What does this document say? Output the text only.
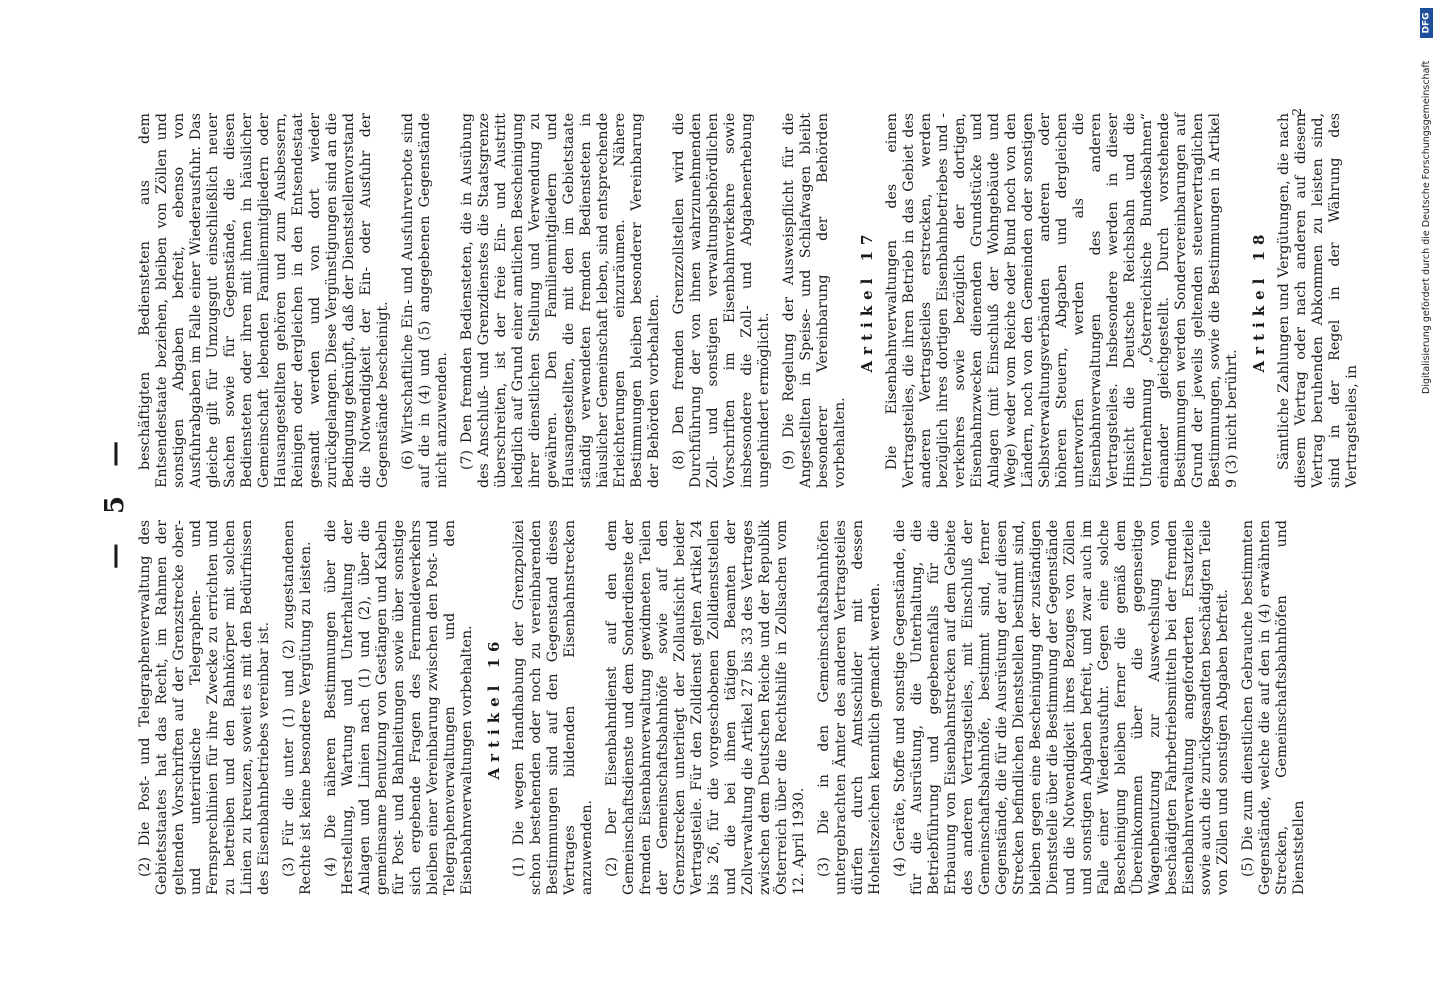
— 5 —

(2) Die Post- und Telegraphenverwaltung des Gebietsstaates hat das Recht, im Rahmen der geltenden Vorschriften auf der Grenzstrecke ober- und unterirdische Telegraphen- und Fernsprechlinien für ihre Zwecke zu errichten und zu betreiben und den Bahnkörper mit solchen Linien zu kreuzen, soweit es mit den Bedürfnissen des Eisenbahnbetriebes vereinbar ist. (3) Für die unter (1) und (2) zugestandenen Rechte ist keine besondere Vergütung zu leisten. (4) Die näheren Bestimmungen über die Herstellung, Wartung und Unterhaltung der Anlagen und Linien nach (1) und (2), über die gemeinsame Benutzung von Gestängen und Kabeln für Post- und Bahnleitungen sowie über sonstige sich ergebende Fragen des Fernmeldeverkehrs bleiben einer Vereinbarung zwischen den Post- und Telegraphenverwaltungen und den Eisenbahnverwaltungen vorbehalten. Artikel 16 (1) Die wegen Handhabung der Grenzpolizei schon bestehenden oder noch zu vereinbarenden Bestimmungen sind auf den Gegenstand dieses Vertrages bildenden Eisenbahnstrecken anzuwenden. (2) Der Eisenbahndienst auf den dem Gemeinschaftsdienste und dem Sonderdienste der fremden Eisenbahnverwaltung gewidmeten Teilen der Gemeinschaftsbahnhöfe sowie auf den Grenzstrecken unterliegt der Zollaufsicht beider Vertragsteile. Für den Zolldienst gelten Artikel 24 bis 26, für die vorgeschobenen Zolldienststellen und die bei ihnen tätigen Beamten der Zollverwaltung die Artikel 27 bis 33 des Vertrages zwischen dem Deutschen Reiche und der Republik Österreich über die Rechtshilfe in Zollsachen vom 12. April 1930. (3) Die in den Gemeinschaftsbahnhöfen untergebrachten Ämter des anderen Vertragsteiles dürfen durch Amtsschilder mit dessen Hoheitszeichen kenntlich gemacht werden. (4) Geräte, Stoffe und sonstige Gegenstände, die für die Ausrüstung, die Unterhaltung, die Betriebführung und gegebenenfalls für die Erbauung von Eisenbahnstrecken auf dem Gebiete des anderen Vertragsteiles, mit Einschluß der Gemeinschaftsbahnhöfe, bestimmt sind, ferner Gegenstände, die für die Ausrüstung der auf diesen Strecken befindlichen Dienststellen bestimmt sind, bleiben gegen eine Bescheinigung der zuständigen Dienststelle über die Bestimmung der Gegenstände und die Notwendigkeit ihres Bezuges von Zöllen und sonstigen Abgaben befreit, und zwar auch im Falle einer Wiederausfuhr. Gegen eine solche Bescheinigung bleiben ferner die gemäß dem Übereinkommen über die gegenseitige Wagenbenutzung zur Auswechslung von beschädigten Fahrbetriebsmitteln bei der fremden Eisenbahnverwaltung angeforderten Ersatzteile sowie auch die zurückgesandten beschädigten Teile von Zöllen und sonstigen Abgaben befreit. (5) Die zum dienstlichen Gebrauche bestimmten Gegenstände, welche die auf den in (4) erwähnten Strecken, Gemeinschaftsbahnhöfen und Dienststellen

beschäftigten Bediensteten aus dem Entsendestaate beziehen, bleiben von Zöllen und sonstigen Abgaben befreit, ebenso von Ausfuhrabgaben im Falle einer Wiederausfuhr. Das gleiche gilt für Umzugsgut einschließlich neuer Sachen sowie für Gegenstände, die diesen Bediensteten oder ihren mit ihnen in häuslicher Gemeinschaft lebenden Familienmitgliedern oder Hausangestellten gehören und zum Ausbessern, Reinigen oder dergleichen in den Entsendestaat gesandt werden und von dort wieder zurückgelangen. Diese Vergünstigungen sind an die Bedingung geknüpft, daß der Dienststellenvorstand die Notwendigkeit der Ein- oder Ausfuhr der Gegenstände bescheinigt. (6) Wirtschaftliche Ein- und Ausfuhrverbote sind auf die in (4) und (5) angegebenen Gegenstände nicht anzuwenden. (7) Den fremden Bediensteten, die in Ausübung des Anschluß- und Grenzdienstes die Staatsgrenze überschreiten, ist der freie Ein- und Austritt lediglich auf Grund einer amtlichen Bescheinigung ihrer dienstlichen Stellung und Verwendung zu gewähren. Den Familienmitgliedern und Hausangestellten, die mit den im Gebietstaate ständig verwendeten fremden Bediensteten in häuslicher Gemeinschaft leben, sind entsprechende Erleichterungen einzuräumen. Nähere Bestimmungen bleiben besonderer Vereinbarung der Behörden vorbehalten. (8) Den fremden Grenzzollstellen wird die Durchführung der von ihnen wahrzunehmenden Zoll- und sonstigen verwaltungsbehördlichen Vorschriften im Eisenbahnverkehre sowie insbesondere die Zoll- und Abgabenerhebung ungehindert ermöglicht. (9) Die Regelung der Ausweispflicht für die Angestellten in Speise- und Schlafwagen bleibt besonderer Vereinbarung der Behörden vorbehalten.

Artikel 17 Die Eisenbahnverwaltungen des einen Vertragsteiles, die ihren Betrieb in das Gebiet des anderen Vertragsteiles erstrecken, werden bezüglich ihres dortigen Eisenbahnbetriebes und -verkehres sowie bezüglich der dortigen, Eisenbahnzwecken dienenden Grundstücke und Anlagen (mit Einschluß der Wohngebäude und Wege) weder vom Reiche oder Bund noch von den Ländern, noch von den Gemeinden oder sonstigen Selbstverwaltungsverbänden anderen oder höheren Steuern, Abgaben und dergleichen unterworfen werden als die Eisenbahnverwaltungen des anderen Vertragsteiles. Insbesondere werden in dieser Hinsicht die Deutsche Reichsbahn und die Unternehmung „Österreichische Bundesbahnen“ einander gleichgestellt. Durch vorstehende Bestimmungen werden Sondervereinbarungen auf Grund der jeweils geltenden steuervertraglichen Bestimmungen, sowie die Bestimmungen in Artikel 9 (3) nicht berührt.

Artikel 18 Sämtliche Zahlungen und Vergütungen, die nach diesem Vertrag oder nach anderen auf diesem Vertrag beruhenden Abkommen zu leisten sind, sind in der Regel in der Währung des Vertragsteiles, in

2
DFG
Digitalisierung gefördert durch die Deutsche Forschungsgemeinschaft
